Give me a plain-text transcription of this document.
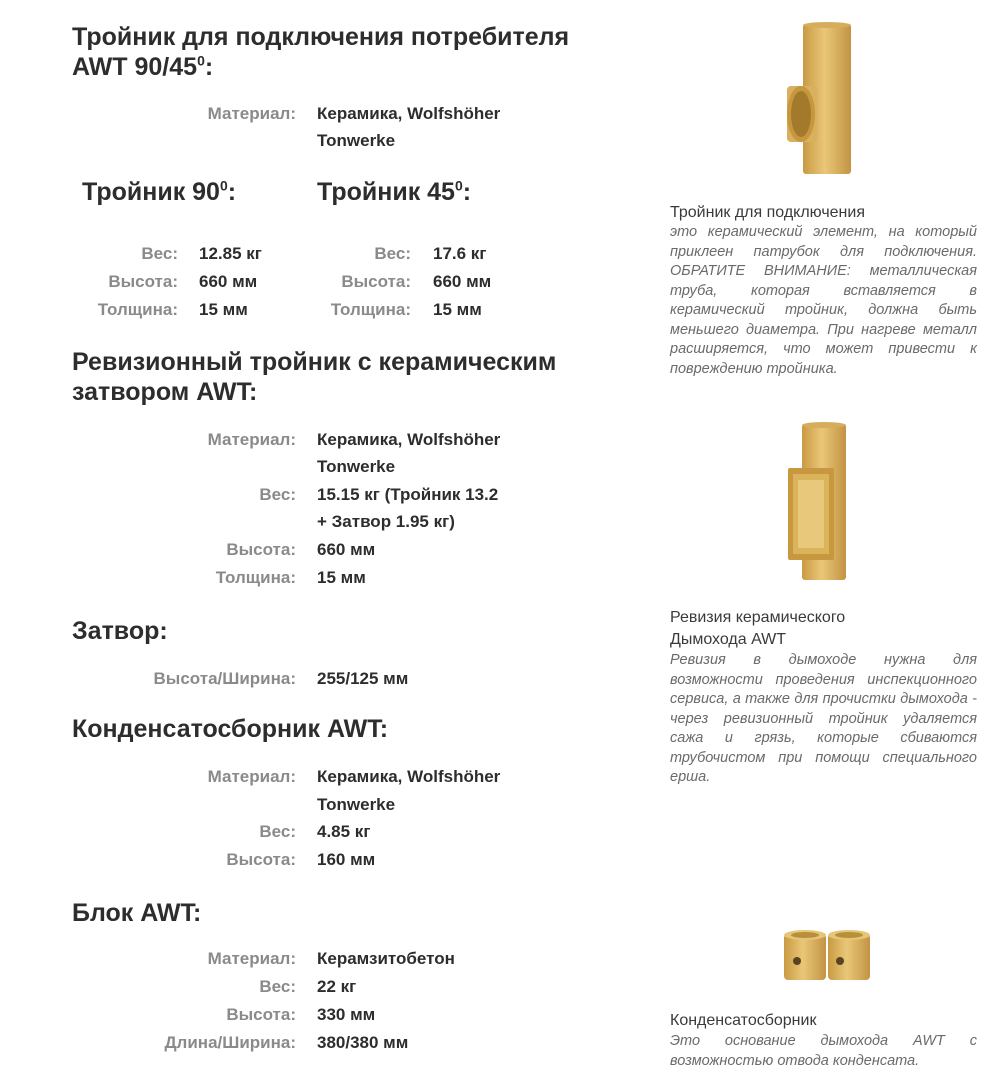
Тройник для подключения потребителя
AWT $90/45^0$:
Материал: Керамика, Wolfshöher
Tonwerke
Тройник $90^0$:
Вес: 12.85 кг
Высота: 660 мм
Толщина: 15 мм
Тройник $45^0$:
Вес: 17.6 кг
Высота: 660 мм
Толщина: 15 мм
Ревизионный тройник с керамическим
затвором AWT:
Материал: Керамика, Wolfshöher
Tonwerke
Вес: 15.15 кг (Тройник 13.2
+ Затвор 1.95 кг)
Высота: 660 мм
Толщина: 15 мм
Затвор:
Высота/Ширина: 255/125 мм
Конденсатосборник AWT:
Материал: Керамика, Wolfshöher
Tonwerke
Вес: 4.85 кг
Высота: 160 мм
Блок AWT:
Материал: Керамзитобетон
Вес: 22 кг
Высота: 330 мм
Длина/Ширина: 380/380 мм
Тройник для подключения
это керамический элемент, на который приклеен патрубок для подключения. ОБРАТИТЕ ВНИМАНИЕ: металлическая труба, которая вставляется в керамический тройник, должна быть меньшего диаметра. При нагреве металл расширяется, что может привести к повреждению тройника.
Ревизия керамического
Дымохода AWT
Ревизия в дымоходе нужна для возможности проведения инспекционного сервиса, а также для прочистки дымохода - через ревизионный тройник удаляется сажа и грязь, которые сбиваются трубочистом при помощи специального ерша.
Конденсатосборник
Это основание дымохода AWT с возможностью отвода конденсата.
